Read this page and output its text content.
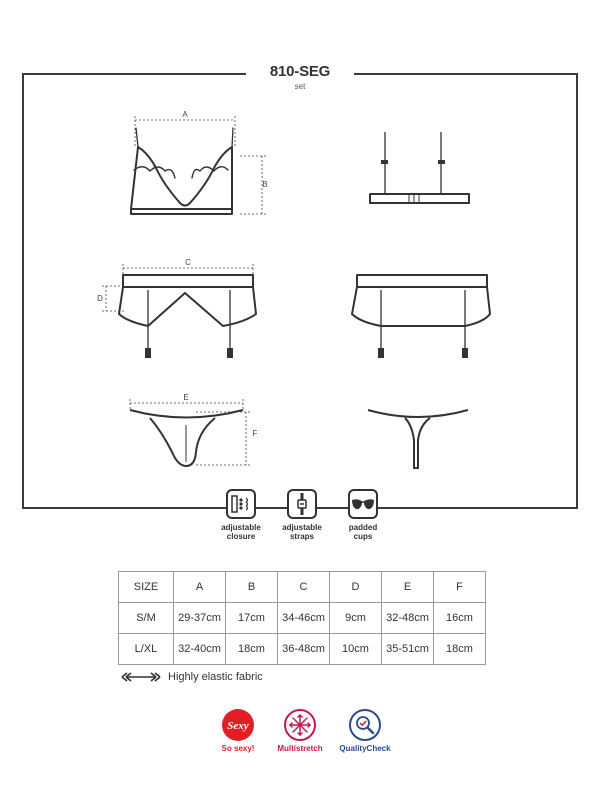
810-SEG
set
A
B
C
D
E
F
adjustable
closure
adjustable
straps
padded
cups
SIZE	A	B	C	D	E	F
S/M	29-37cm	17cm	34-46cm	9cm	32-48cm	16cm
L/XL	32-40cm	18cm	36-48cm	10cm	35-51cm	18cm
Highly elastic fabric
Sexy
So sexy!	Multistretch	QualityCheck
